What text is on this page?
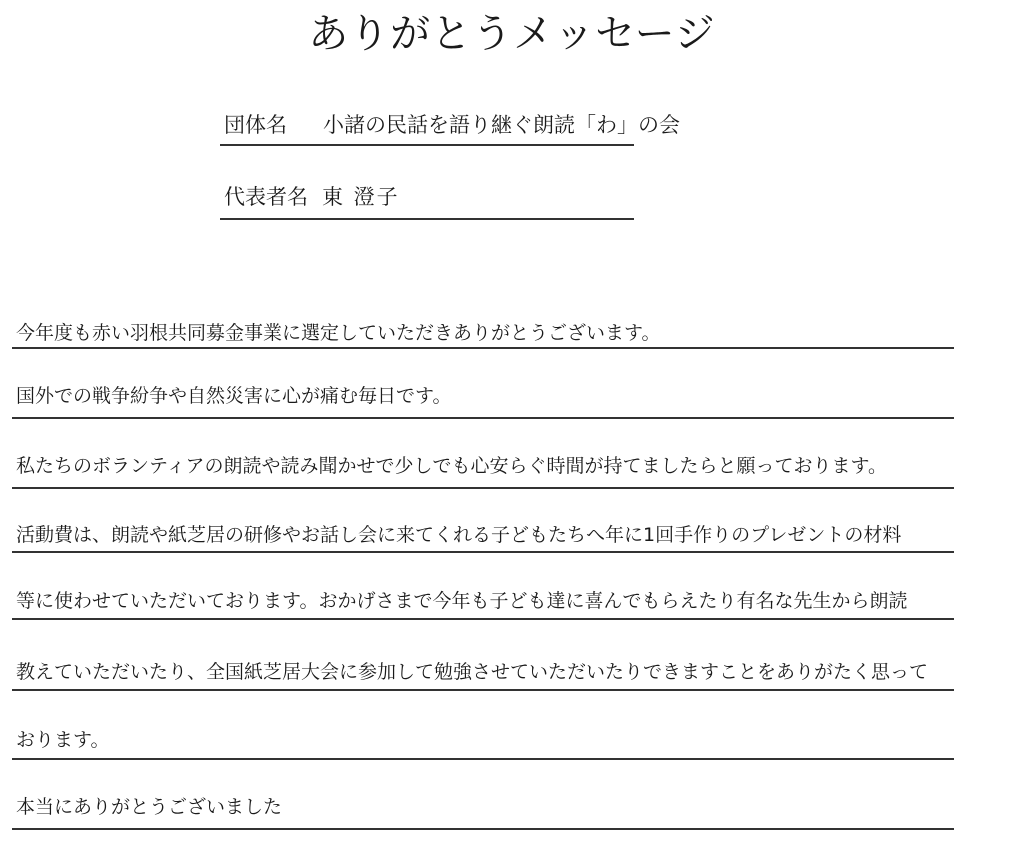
ありがとうメッセージ
団体名 小諸の民話を語り継ぐ朗読「わ」の会
代表者名 東 澄子
今年度も赤い羽根共同募金事業に選定していただきありがとうございます。
国外での戦争紛争や自然災害に心が痛む毎日です。
私たちのボランティアの朗読や読み聞かせで少しでも心安らぐ時間が持てましたらと願っております。
活動費は、朗読や紙芝居の研修やお話し会に来てくれる子どもたちへ年に1回手作りのプレゼントの材料
等に使わせていただいております。おかげさまで今年も子ども達に喜んでもらえたり有名な先生から朗読
教えていただいたり、全国紙芝居大会に参加して勉強させていただいたりできますことをありがたく思って
おります。
本当にありがとうございました
